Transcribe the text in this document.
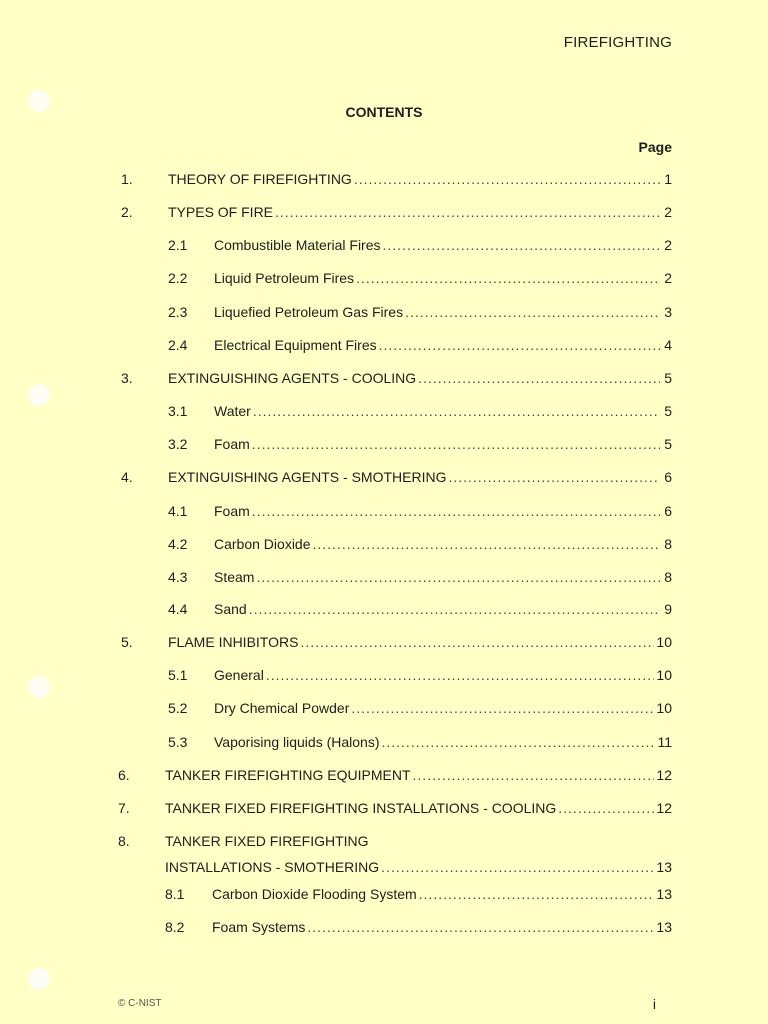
FIREFIGHTING
CONTENTS
Page
1.	THEORY OF FIREFIGHTING .....	1
2.	TYPES OF FIRE .....	2
2.1 Combustible Material Fires .....	2
2.2 Liquid Petroleum Fires .....	2
2.3 Liquefied Petroleum Gas Fires .....	3
2.4 Electrical Equipment Fires .....	4
3.	EXTINGUISHING AGENTS - COOLING .....	5
3.1 Water .....	5
3.2 Foam .....	5
4.	EXTINGUISHING AGENTS - SMOTHERING .....	6
4.1 Foam .....	6
4.2 Carbon Dioxide .....	8
4.3 Steam .....	8
4.4 Sand .....	9
5.	FLAME INHIBITORS .....	10
5.1 General .....	10
5.2 Dry Chemical Powder .....	10
5.3 Vaporising liquids (Halons) .....	11
6.	TANKER FIREFIGHTING EQUIPMENT .....	12
7.	TANKER FIXED FIREFIGHTING INSTALLATIONS - COOLING .....	12
8.	TANKER FIXED FIREFIGHTING
INSTALLATIONS - SMOTHERING .....	13
8.1 Carbon Dioxide Flooding System .....	13
8.2 Foam Systems .....	13
© C-NIST	i
